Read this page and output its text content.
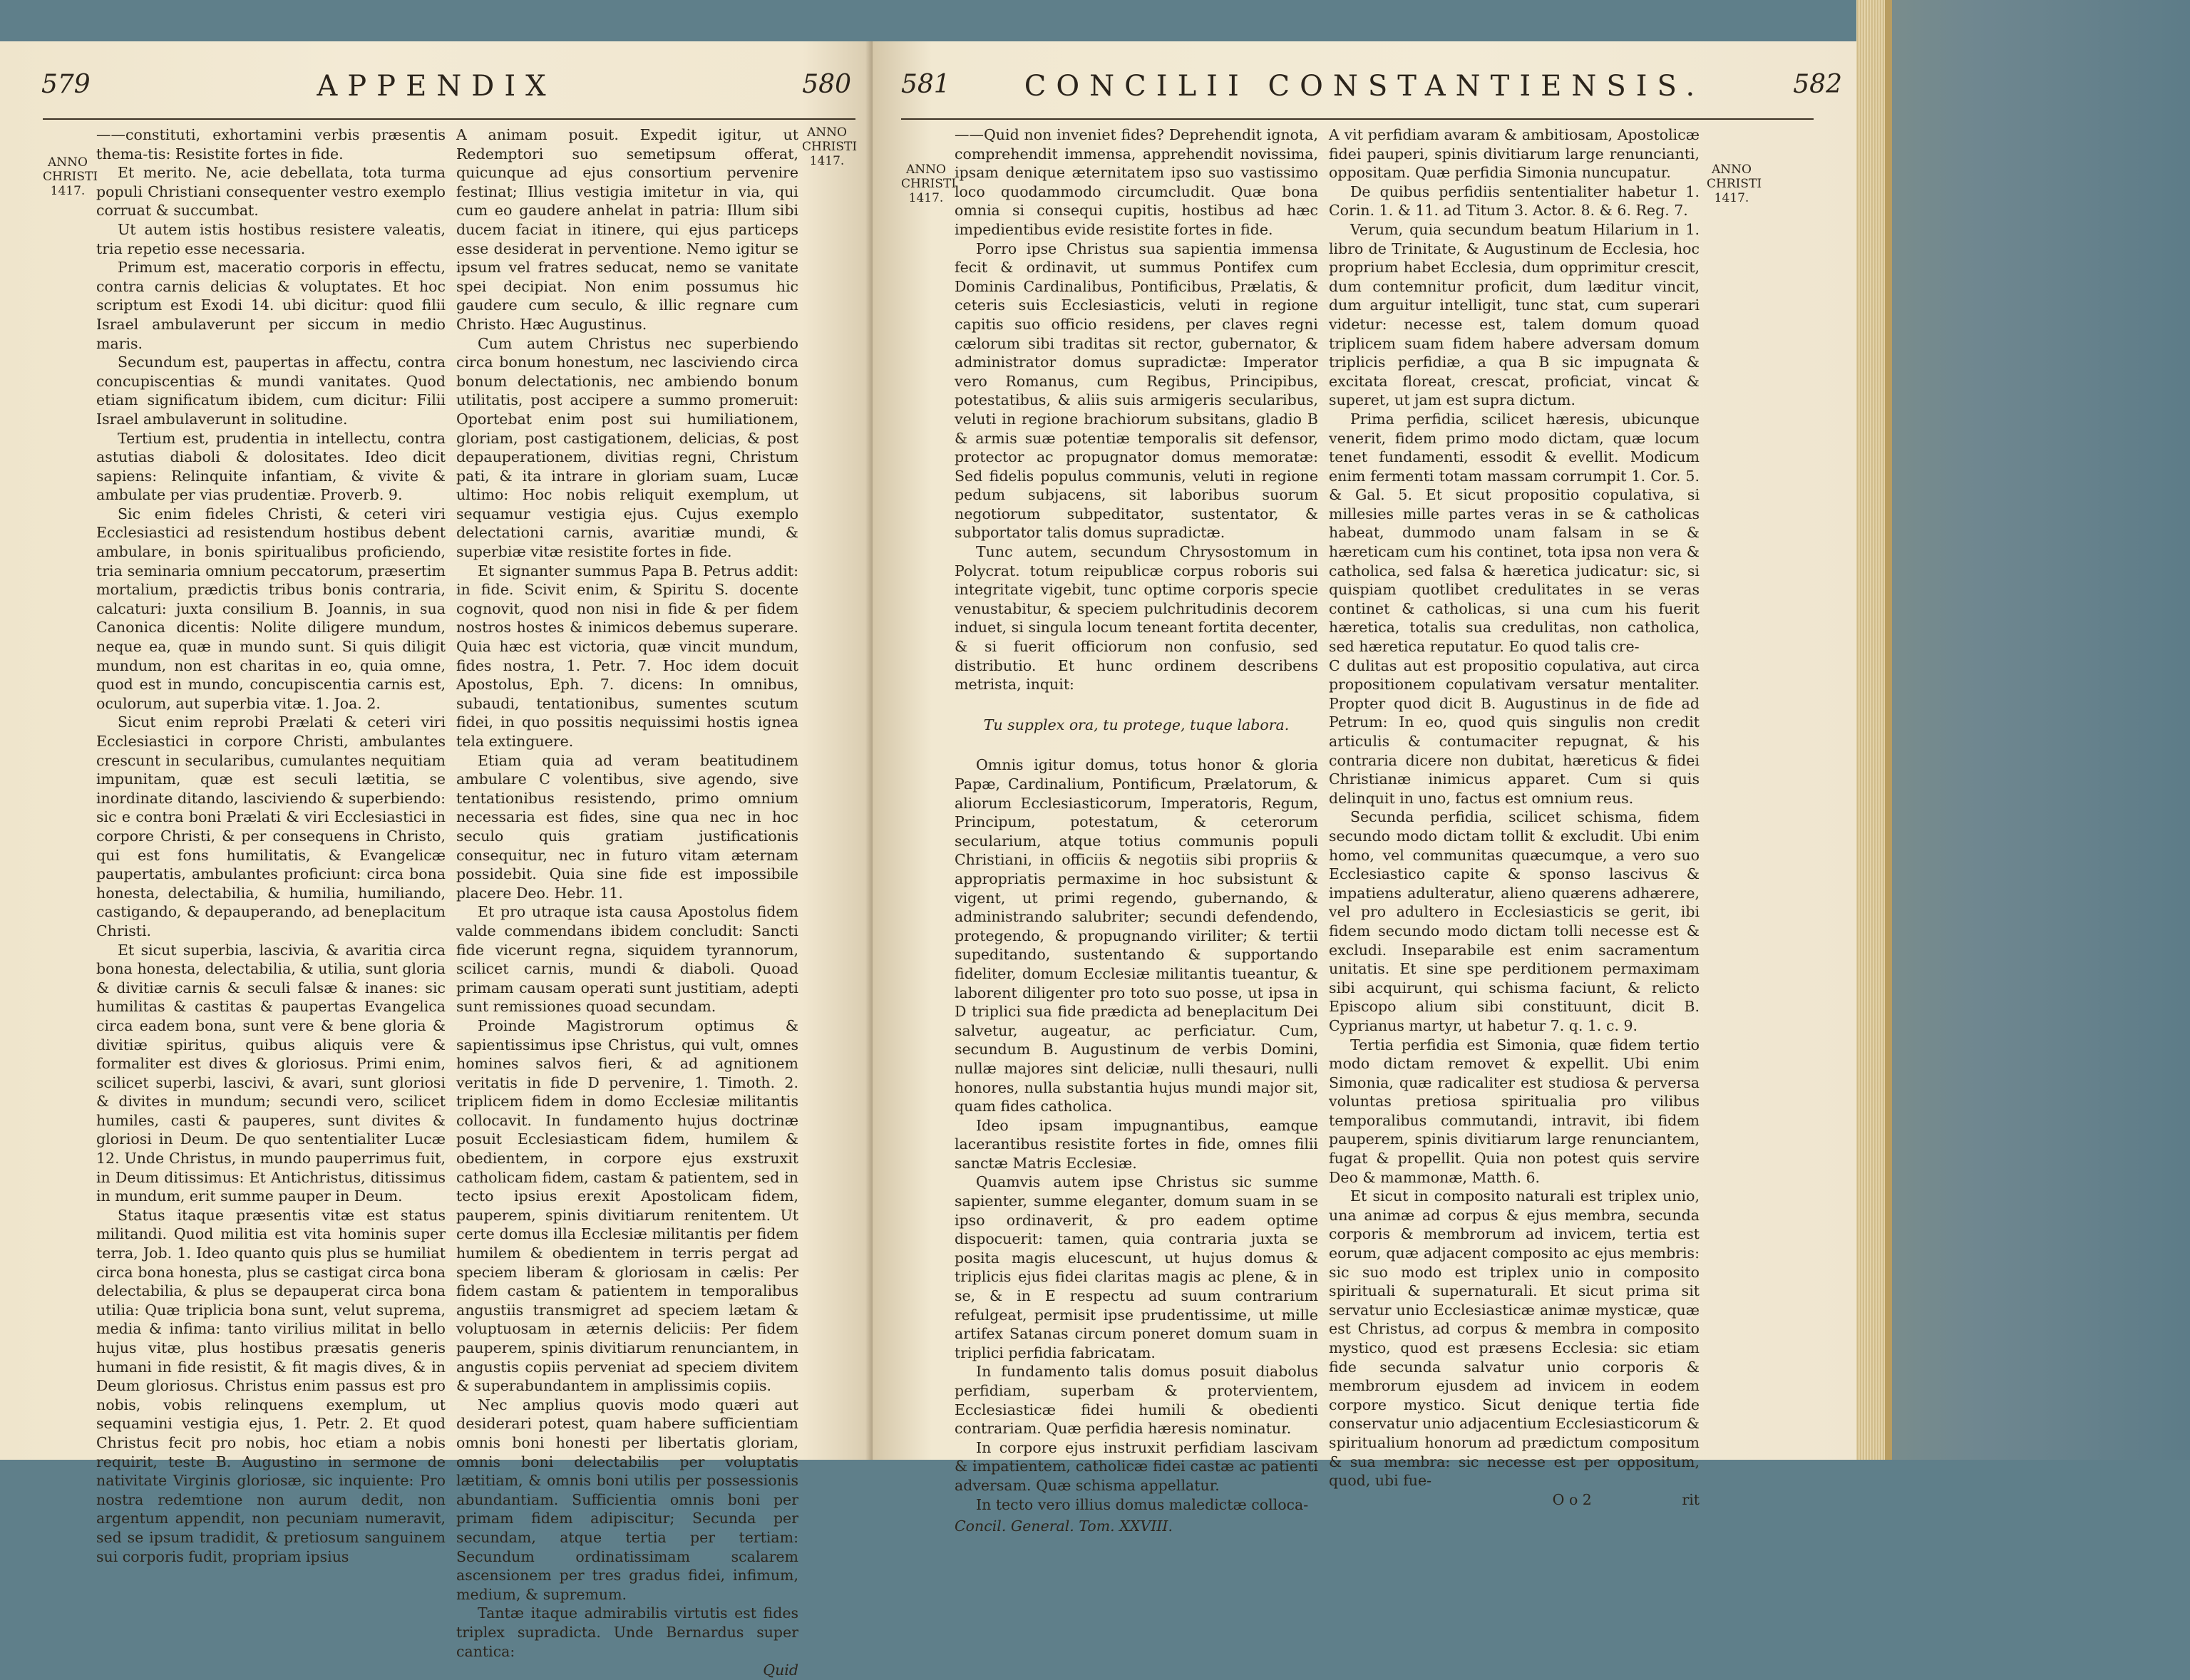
579	APPENDIX	580
ANNO
CHRISTI
1417.

——constituti, exhortamini verbis præsentis thema-tis: Resistite fortes in fide.

Et merito. Ne, acie debellata, tota turma populi Christiani consequenter vestro exemplo corruat & succumbat.

Ut autem istis hostibus resistere valeatis, tria repetio esse necessaria.

Primum est, maceratio corporis in effectu, contra carnis delicias & voluptates. Et hoc scriptum est Exodi 14. ubi dicitur: quod filii Israel ambulaverunt per siccum in medio maris.

Secundum est, paupertas in affectu, contra concupiscentias & mundi vanitates. Quod etiam significatum ibidem, cum dicitur: Filii Israel ambulaverunt in solitudine.

Tertium est, prudentia in intellectu, contra astutias diaboli & dolositates. Ideo dicit sapiens: Relinquite infantiam, & vivite & ambulate per vias prudentiæ. Proverb. 9.

Sic enim fideles Christi, & ceteri viri Ecclesiastici ad resistendum hostibus debent ambulare, in bonis spiritualibus proficiendo, tria seminaria omnium peccatorum, præsertim mortalium, prædictis tribus bonis contraria, calcaturi: juxta consilium B. Joannis, in sua Canonica dicentis: Nolite diligere mundum, neque ea, quæ in mundo sunt. Si quis diligit mundum, non est charitas in eo, quia omne, quod est in mundo, concupiscentia carnis est, oculorum, aut superbia vitæ. 1. Joa. 2.

Sicut enim reprobi Prælati & ceteri viri Ecclesiastici in corpore Christi, ambulantes crescunt in secularibus, cumulantes nequitiam impunitam, quæ est seculi lætitia, se inordinate ditando, lasciviendo & superbiendo: sic e contra boni Prælati & viri Ecclesiastici in corpore Christi, & per consequens in Christo, qui est fons humilitatis, & Evangelicæ paupertatis, ambulantes proficiunt: circa bona honesta, delectabilia, & humilia, humiliando, castigando, & depauperando, ad beneplacitum Christi.

Et sicut superbia, lascivia, & avaritia circa bona honesta, delectabilia, & utilia, sunt gloria & divitiæ carnis & seculi falsæ & inanes: sic humilitas & castitas & paupertas Evangelica circa eadem bona, sunt vere & bene gloria & divitiæ spiritus, quibus aliquis vere & formaliter est dives & gloriosus. Primi enim, scilicet superbi, lascivi, & avari, sunt gloriosi & divites in mundum; secundi vero, scilicet humiles, casti & pauperes, sunt divites & gloriosi in Deum. De quo sententialiter Lucæ 12. Unde Christus, in mundo pauperrimus fuit, in Deum ditissimus: Et Antichristus, ditissimus in mundum, erit summe pauper in Deum.

Status itaque præsentis vitæ est status militandi. Quod militia est vita hominis super terra, Job. 1. Ideo quanto quis plus se humiliat circa bona honesta, plus se castigat circa bona delectabilia, & plus se depauperat circa bona utilia: Quæ triplicia bona sunt, velut suprema, media & infima: tanto virilius militat in bello hujus vitæ, plus hostibus præsatis generis humani in fide resistit, & fit magis dives, & in Deum gloriosus. Christus enim passus est pro nobis, vobis relinquens exemplum, ut sequamini vestigia ejus, 1. Petr. 2. Et quod Christus fecit pro nobis, hoc etiam a nobis requirit, teste B. Augustino in sermone de nativitate Virginis gloriosæ, sic inquiente: Pro nostra redemtione non aurum dedit, non argentum appendit, non pecuniam numeravit, sed se ipsum tradidit, & pretiosum sanguinem sui corporis fudit, propriam ipsius

A animam posuit. Expedit igitur, ut Redemptori suo semetipsum offerat, quicunque ad ejus consortium pervenire festinat; Illius vestigia imitetur in via, qui cum eo gaudere anhelat in patria: Illum sibi ducem faciat in itinere, qui ejus particeps esse desiderat in perventione. Nemo igitur se ipsum vel fratres seducat, nemo se vanitate spei decipiat. Non enim possumus hic gaudere cum seculo, & illic regnare cum Christo. Hæc Augustinus.

Cum autem Christus nec superbiendo circa bonum honestum, nec lasciviendo circa bonum delectationis, nec ambiendo bonum utilitatis, post accipere a summo promeruit: Oportebat enim post sui humiliationem, gloriam, post castigationem, delicias, & post depauperationem, divitias regni, Christum pati, & ita intrare in gloriam suam, Lucæ ultimo: Hoc nobis reliquit exemplum, ut sequamur vestigia ejus. Cujus exemplo delectationi carnis, avaritiæ mundi, & superbiæ vitæ resistite fortes in fide.

Et signanter summus Papa B. Petrus addit: in fide. Scivit enim, & Spiritu S. docente cognovit, quod non nisi in fide & per fidem nostros hostes & inimicos debemus superare. Quia hæc est victoria, quæ vincit mundum, fides nostra, 1. Petr. 7. Hoc idem docuit Apostolus, Eph. 7. dicens: In omnibus, subaudi, tentationibus, sumentes scutum fidei, in quo possitis nequissimi hostis ignea tela extinguere.

Etiam quia ad veram beatitudinem ambulare C volentibus, sive agendo, sive tentationibus resistendo, primo omnium necessaria est fides, sine qua nec in hoc seculo quis gratiam justificationis consequitur, nec in futuro vitam æternam possidebit. Quia sine fide est impossibile placere Deo. Hebr. 11.

Et pro utraque ista causa Apostolus fidem valde commendans ibidem concludit: Sancti fide vicerunt regna, siquidem tyrannorum, scilicet carnis, mundi & diaboli. Quoad primam causam operati sunt justitiam, adepti sunt remissiones quoad secundam.

Proinde Magistrorum optimus & sapientissimus ipse Christus, qui vult, omnes homines salvos fieri, & ad agnitionem veritatis in fide D pervenire, 1. Timoth. 2. triplicem fidem in domo Ecclesiæ militantis collocavit. In fundamento hujus doctrinæ posuit Ecclesiasticam fidem, humilem & obedientem, in corpore ejus exstruxit catholicam fidem, castam & patientem, sed in tecto ipsius erexit Apostolicam fidem, pauperem, spinis divitiarum renitentem. Ut certe domus illa Ecclesiæ militantis per fidem humilem & obedientem in terris pergat ad speciem liberam & gloriosam in cælis: Per fidem castam & patientem in temporalibus angustiis transmigret ad speciem lætam & voluptuosam in æternis deliciis: Per fidem pauperem, spinis divitiarum renunciantem, in angustis copiis perveniat ad speciem divitem & superabundantem in amplissimis copiis.

Nec amplius quovis modo quæri aut desiderari potest, quam habere sufficientiam omnis boni honesti per libertatis gloriam, omnis boni delectabilis per voluptatis lætitiam, & omnis boni utilis per possessionis abundantiam. Sufficientia omnis boni per primam fidem adipiscitur; Secunda per secundam, atque tertia per tertiam: Secundum ordinatissimam scalarem ascensionem per tres gradus fidei, infimum, medium, & supremum.

Tantæ itaque admirabilis virtutis est fides triplex supradicta. Unde Bernardus super cantica:

Quid

ANNO
CHRISTI
1417.
581	CONCILII CONSTANTIENSIS.	582
ANNO
CHRISTI
1417.

——Quid non inveniet fides? Deprehendit ignota, comprehendit immensa, apprehendit novissima, ipsam denique æternitatem ipso suo vastissimo loco quodammodo circumcludit. Quæ bona omnia si consequi cupitis, hostibus ad hæc impedientibus evide resistite fortes in fide.

Porro ipse Christus sua sapientia immensa fecit & ordinavit, ut summus Pontifex cum Dominis Cardinalibus, Pontificibus, Prælatis, & ceteris suis Ecclesiasticis, veluti in regione capitis suo officio residens, per claves regni cælorum sibi traditas sit rector, gubernator, & administrator domus supradictæ: Imperator vero Romanus, cum Regibus, Principibus, potestatibus, & aliis suis armigeris secularibus, veluti in regione brachiorum subsitans, gladio B & armis suæ potentiæ temporalis sit defensor, protector ac propugnator domus memoratæ: Sed fidelis populus communis, veluti in regione pedum subjacens, sit laboribus suorum negotiorum subpeditator, sustentator, & subportator talis domus supradictæ.

Tunc autem, secundum Chrysostomum in Polycrat. totum reipublicæ corpus roboris sui integritate vigebit, tunc optime corporis specie venustabitur, & speciem pulchritudinis decorem induet, si singula locum teneant fortita decenter, & si fuerit officiorum non confusio, sed distributio. Et hunc ordinem describens metrista, inquit:

Tu supplex ora, tu protege, tuque labora.

Omnis igitur domus, totus honor & gloria Papæ, Cardinalium, Pontificum, Prælatorum, & aliorum Ecclesiasticorum, Imperatoris, Regum, Principum, potestatum, & ceterorum secularium, atque totius communis populi Christiani, in officiis & negotiis sibi propriis & appropriatis permaxime in hoc subsistunt & vigent, ut primi regendo, gubernando, & administrando salubriter; secundi defendendo, protegendo, & propugnando viriliter; & tertii supeditando, sustentando & supportando fideliter, domum Ecclesiæ militantis tueantur, & laborent diligenter pro toto suo posse, ut ipsa in D triplici sua fide prædicta ad beneplacitum Dei salvetur, augeatur, ac perficiatur. Cum, secundum B. Augustinum de verbis Domini, nullæ majores sint deliciæ, nulli thesauri, nulli honores, nulla substantia hujus mundi major sit, quam fides catholica.

Ideo ipsam impugnantibus, eamque lacerantibus resistite fortes in fide, omnes filii sanctæ Matris Ecclesiæ.

Quamvis autem ipse Christus sic summe sapienter, summe eleganter, domum suam in se ipso ordinaverit, & pro eadem optime dispoсuerit: tamen, quia contraria juxta se posita magis elucescunt, ut hujus domus & triplicis ejus fidei claritas magis ac plene, & in se, & in E respectu ad suum contrarium refulgeat, permisit ipse prudentissime, ut mille artifex Satanas circum poneret domum suam in triplici perfidia fabricatam.

In fundamento talis domus posuit diabolus perfidiam, superbam & protervientem, Ecclesiasticæ fidei humili & obedienti contrariam. Quæ perfidia hæresis nominatur.

In corpore ejus instruxit perfidiam lascivam & impatientem, catholicæ fidei castæ ac patienti adversam. Quæ schisma appellatur.

In tecto vero illius domus maledictæ colloca-

Concil. General. Tom. XXVIII.

A vit perfidiam avaram & ambitiosam, Apostolicæ fidei pauperi, spinis divitiarum large renuncianti, oppositam. Quæ perfidia Simonia nuncupatur.

De quibus perfidiis sententialiter habetur 1. Corin. 1. & 11. ad Titum 3. Actor. 8. & 6. Reg. 7.

Verum, quia secundum beatum Hilarium in 1. libro de Trinitate, & Augustinum de Ecclesia, hoc proprium habet Ecclesia, dum opprimitur crescit, dum contemnitur proficit, dum læditur vincit, dum arguitur intelligit, tunc stat, cum superari videtur: necesse est, talem domum quoad triplicem suam fidem habere adversam domum triplicis perfidiæ, a qua B sic impugnata & excitata floreat, crescat, proficiat, vincat & superet, ut jam est supra dictum.

Prima perfidia, scilicet hæresis, ubicunque venerit, fidem primo modo dictam, quæ locum tenet fundamenti, essodit & evellit. Modicum enim fermenti totam massam corrumpit 1. Cor. 5. & Gal. 5. Et sicut propositio copulativa, si millesies mille partes veras in se & catholicas habeat, dummodo unam falsam in se & hæreticam cum his continet, tota ipsa non vera & catholica, sed falsa & hæretica judicatur: sic, si quispiam quotlibet credulitates in se veras continet & catholicas, si una cum his fuerit hæretica, totalis sua credulitas, non catholica, sed hæretica reputatur. Eo quod talis cre-

C dulitas aut est propositio copulativa, aut circa propositionem copulativam versatur mentaliter. Propter quod dicit B. Augustinus in de fide ad Petrum: In eo, quod quis singulis non credit articulis & contumaciter repugnat, & his contraria dicere non dubitat, hæreticus & fidei Christianæ inimicus apparet. Cum si quis delinquit in uno, factus est omnium reus.

Secunda perfidia, scilicet schisma, fidem secundo modo dictam tollit & excludit. Ubi enim homo, vel communitas quæcumque, a vero suo Ecclesiastico capite & sponso lascivus & impatiens adulteratur, alieno quærens adhærere, vel pro adultero in Ecclesiasticis se gerit, ibi fidem secundo modo dictam tolli necesse est & excludi. Inseparabile est enim sacramentum unitatis. Et sine spe perditionem permaximam sibi acquirunt, qui schisma faciunt, & relicto Episcopo alium sibi constituunt, dicit B. Cyprianus martyr, ut habetur 7. q. 1. c. 9.

Tertia perfidia est Simonia, quæ fidem tertio modo dictam removet & expellit. Ubi enim Simonia, quæ radicaliter est studiosa & perversa voluntas pretiosa spiritualia pro vilibus temporalibus commutandi, intravit, ibi fidem pauperem, spinis divitiarum large renunciantem, fugat & propellit. Quia non potest quis servire Deo & mammonæ, Matth. 6.

Et sicut in composito naturali est triplex unio, una animæ ad corpus & ejus membra, secunda corporis & membrorum ad invicem, tertia est eorum, quæ adjacent composito ac ejus membris: sic suo modo est triplex unio in composito spirituali & supernaturali. Et sicut prima sit servatur unio Ecclesiasticæ animæ mysticæ, quæ est Christus, ad corpus & membra in composito mystico, quod est præsens Ecclesia: sic etiam fide secunda salvatur unio corporis & membrorum ejusdem ad invicem in eodem corpore mystico. Sicut denique tertia fide conservatur unio adjacentium Ecclesiasticorum & spiritualium honorum ad prædictum compositum & sua membra: sic necesse est per oppositum, quod, ubi fue-

O o 2	rit

ANNO
CHRISTI
1417.
